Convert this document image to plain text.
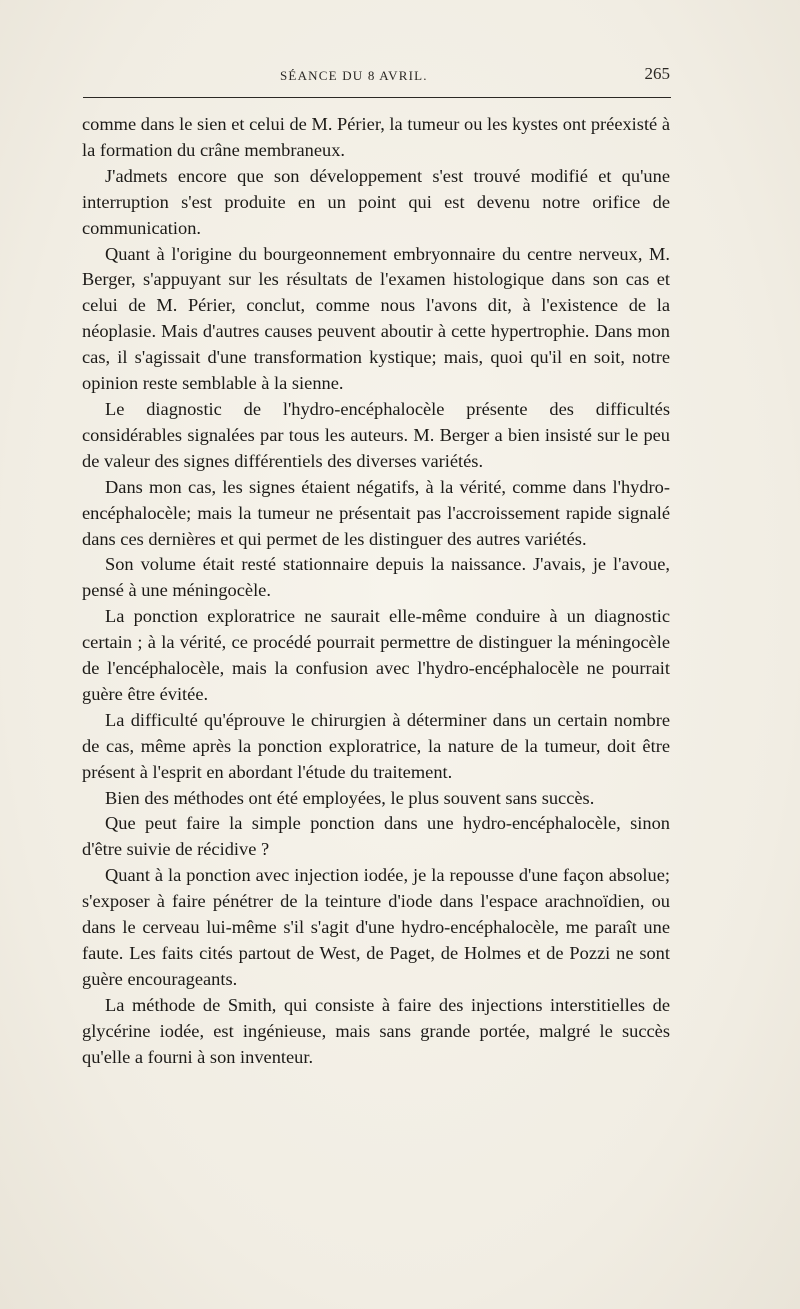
SÉANCE DU 8 AVRIL.	265

comme dans le sien et celui de M. Périer, la tumeur ou les kystes ont préexisté à la formation du crâne membraneux.

J'admets encore que son développement s'est trouvé modifié et qu'une interruption s'est produite en un point qui est devenu notre orifice de communication.

Quant à l'origine du bourgeonnement embryonnaire du centre nerveux, M. Berger, s'appuyant sur les résultats de l'examen histologique dans son cas et celui de M. Périer, conclut, comme nous l'avons dit, à l'existence de la néoplasie. Mais d'autres causes peuvent aboutir à cette hypertrophie. Dans mon cas, il s'agissait d'une transformation kystique; mais, quoi qu'il en soit, notre opinion reste semblable à la sienne.

Le diagnostic de l'hydro-encéphalocèle présente des difficultés considérables signalées par tous les auteurs. M. Berger a bien insisté sur le peu de valeur des signes différentiels des diverses variétés.

Dans mon cas, les signes étaient négatifs, à la vérité, comme dans l'hydro-encéphalocèle; mais la tumeur ne présentait pas l'accroissement rapide signalé dans ces dernières et qui permet de les distinguer des autres variétés.

Son volume était resté stationnaire depuis la naissance. J'avais, je l'avoue, pensé à une méningocèle.

La ponction exploratrice ne saurait elle-même conduire à un diagnostic certain ; à la vérité, ce procédé pourrait permettre de distinguer la méningocèle de l'encéphalocèle, mais la confusion avec l'hydro-encéphalocèle ne pourrait guère être évitée.

La difficulté qu'éprouve le chirurgien à déterminer dans un certain nombre de cas, même après la ponction exploratrice, la nature de la tumeur, doit être présent à l'esprit en abordant l'étude du traitement.

Bien des méthodes ont été employées, le plus souvent sans succès.

Que peut faire la simple ponction dans une hydro-encéphalocèle, sinon d'être suivie de récidive ?

Quant à la ponction avec injection iodée, je la repousse d'une façon absolue; s'exposer à faire pénétrer de la teinture d'iode dans l'espace arachnoïdien, ou dans le cerveau lui-même s'il s'agit d'une hydro-encéphalocèle, me paraît une faute. Les faits cités partout de West, de Paget, de Holmes et de Pozzi ne sont guère encourageants.

La méthode de Smith, qui consiste à faire des injections interstitielles de glycérine iodée, est ingénieuse, mais sans grande portée, malgré le succès qu'elle a fourni à son inventeur.
